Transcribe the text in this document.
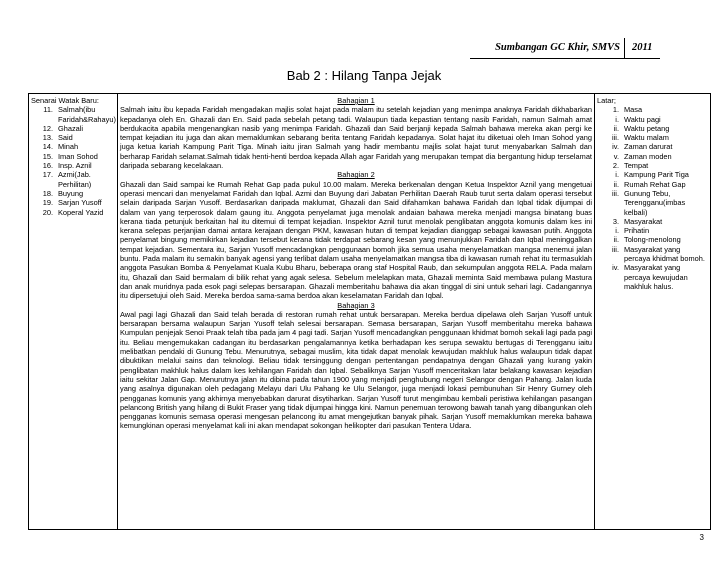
Sumbangan GC Khir, SMVS 2011
Bab 2 : Hilang Tanpa Jejak
Senarai Watak Baru:
11. Salmah(ibu Faridah&Rahayu)
12. Ghazali
13. Said
14. Minah
15. Iman Sohod
16. Insp. Aznil
17. Azmi(Jab. Perhilitan)
18. Buyung
19. Sarjan Yusoff
20. Koperal Yazid

Bahagian 1
Salmah iaitu ibu kepada Faridah mengadakan majlis solat hajat pada malam itu setelah kejadian yang menimpa anaknya Faridah dikhabarkan kepadanya oleh En. Ghazali dan En. Said pada sebelah petang tadi. Walaupun tiada kepastian tentang nasib Faridah, namun Salmah amat berdukacita apabila mengenangkan nasib yang menimpa Faridah. Ghazali dan Said berjanji kepada Salmah bahawa mereka akan pergi ke tempat kejadian itu juga dan akan memaklumkan sebarang berita tentang Faridah kepadanya. Solat hajat itu diketuai oleh Iman Sohod yang juga ketua kariah Kampung Parit Tiga. Minah iaitu jiran Salmah yang hadir membantu majlis solat hajat turut menyabarkan Salmah dan berharap Faridah selamat.Salmah tidak henti-henti berdoa kepada Allah agar Faridah yang merupakan tempat dia bergantung hidup terselamat daripada sebarang kecelakaan.
Bahagian 2
Ghazali dan Said sampai ke Rumah Rehat Gap pada pukul 10.00 malam. Mereka berkenalan dengan Ketua Inspektor Aznil yang mengetuai operasi mencari dan menyelamat Faridah dan Iqbal. Azmi dan Buyung dari Jabatan Perhilitan Daerah Raub turut serta dalam operasi tersebut selain daripada Sarjan Yusoff. Berdasarkan daripada maklumat, Ghazali dan Said difahamkan bahawa Faridah dan Iqbal tidak dijumpai di dalam van yang terperosok dalam gaung itu. Anggota penyelamat juga menolak andaian bahawa mereka menjadi mangsa binatang buas kerana tiada petunjuk berkaitan hal itu ditemui di tempat kejadian. Inspektor Aznil turut menolak penglibatan anggota komunis dalam kes ini kerana selepas perjanjian damai antara kerajaan dengan PKM, kawasan hutan di tempat kejadian dianggap sebagai kawasan putih. Anggota penyelamat bingung memikirkan kejadian tersebut kerana tidak terdapat sebarang kesan yang menunjukkan Faridah dan Iqbal meninggalkan tempat kejadian. Sementara itu, Sarjan Yusoff mencadangkan penggunaan bomoh jika semua usaha menyelamatkan mangsa menemui jalan buntu. Pada malam itu semakin banyak agensi yang terlibat dalam usaha menyelamatkan mangsa tiba di kawasan rumah rehat itu termasuklah anggota Pasukan Bomba & Penyelamat Kuala Kubu Bharu, beberapa orang staf Hospital Raub, dan sekumpulan anggota RELA. Pada malam itu, Ghazali dan Said bermalam di bilik rehat yang agak selesa. Sebelum melelapkan mata, Ghazali meminta Said membawa pulang Mastura dan anak muridnya pada esok pagi selepas bersarapan. Ghazali memberitahu bahawa dia akan tinggal di sini untuk sehari lagi. Cadangannya itu dipersetujui oleh Said. Mereka berdoa sama-sama berdoa akan keselamatan Faridah dan Iqbal.
Bahagian 3
Awal pagi lagi Ghazali dan Said telah berada di restoran rumah rehat untuk bersarapan. Mereka berdua dipelawa oleh Sarjan Yusoff untuk bersarapan bersama walaupun Sarjan Yusoff telah selesai bersarapan. Semasa bersarapan, Sarjan Yusoff memberitahu mereka bahawa Kumpulan penjejak Senoi Praak telah tiba pada jam 4 pagi tadi. Sarjan Yusoff mencadangkan penggunaan khidmat bomoh sekali lagi pada pagi itu. Beliau mengemukakan cadangan itu berdasarkan pengalamannya ketika berhadapan kes serupa sewaktu bertugas di Terengganu iaitu melibatkan pendaki di Gunung Tebu. Menurutnya, sebagai muslim, kita tidak dapat menolak kewujudan makhluk halus walaupun tidak dapat dibuktikan melalui sains dan teknologi. Beliau tidak tersinggung dengan pertentangan pendapatnya dengan Ghazali yang kurang yakin penglibatan makhluk halus dalam kes kehilangan Faridah dan Iqbal. Sebaliknya Sarjan Yusoff menceritakan latar belakang kawasan kejadian iaitu sekitar Jalan Gap. Menurutnya jalan itu dibina pada tahun 1900 yang menjadi penghubung negeri Selangor dengan Pahang. Jalan kuda yang asalnya digunakan oleh pedagang Melayu dari Ulu Pahang ke Ulu Selangor, juga menjadi lokasi pembunuhan Sir Henry Gurney oleh pengganas komunis yang akhirnya menyebabkan darurat disytiharkan. Sarjan Yusoff turut mengimbau kembali peristiwa kehilangan pasangan pelancong British yang hilang di Bukit Fraser yang tidak dijumpai hingga kini. Namun penemuan terowong bawah tanah yang dibangunkan oleh pengganas komunis semasa operasi mengesan pelancong itu amat mengejutkan banyak pihak. Sarjan Yusoff memaklumkan mereka bahawa kemungkinan operasi menyelamat kali ini akan mendapat sokongan helikopter dari pasukan Tentera Udara.

Latar;
1. Masa
i. Waktu pagi
ii. Waktu petang
iii. Waktu malam
iv. Zaman darurat
v. Zaman moden
2. Tempat
i. Kampung Parit Tiga
ii. Rumah Rehat Gap
iii. Gunung Tebu, Terengganu(imbas kelbali)
3. Masyarakat
i. Prihatin
ii. Tolong-menolong
iii. Masyarakat yang percaya khidmat bomoh.
iv. Masyarakat yang percaya kewujudan makhluk halus.
3
